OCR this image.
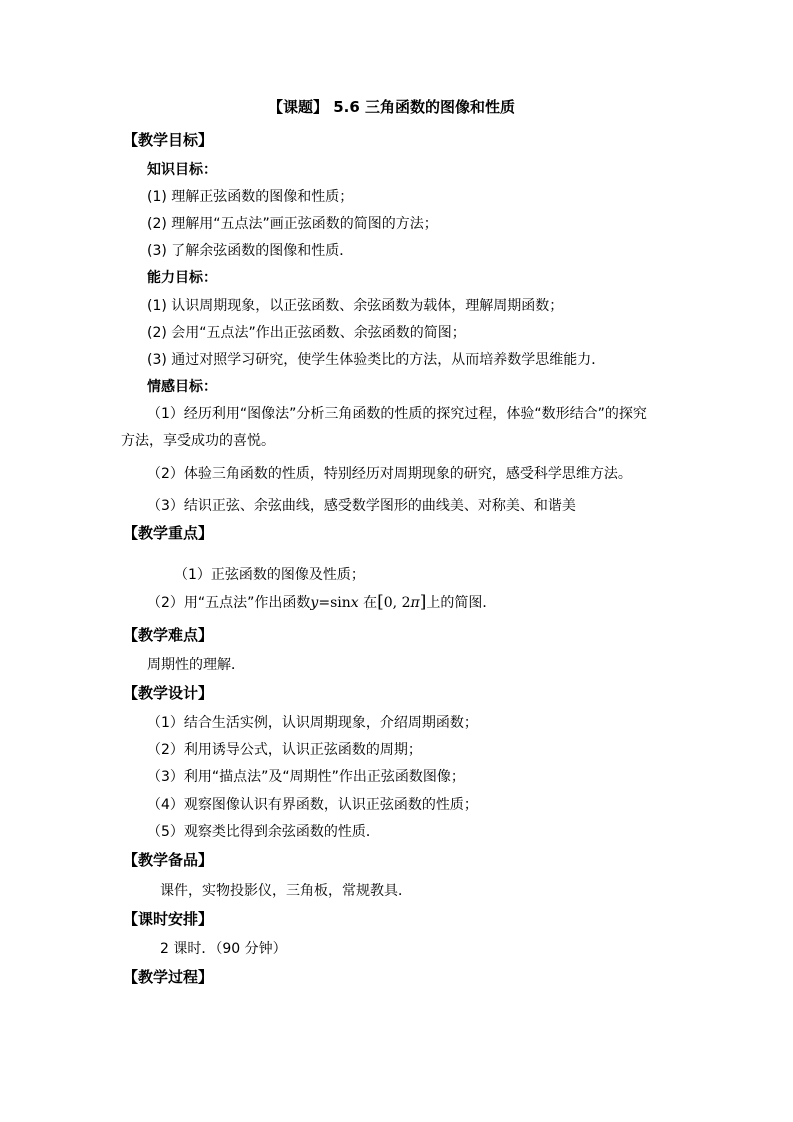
【课题】 5.6 三角函数的图像和性质
【教学目标】
知识目标：
(1) 理解正弦函数的图像和性质；
(2) 理解用“五点法”画正弦函数的简图的方法；
(3) 了解余弦函数的图像和性质．
能力目标：
(1) 认识周期现象，以正弦函数、余弦函数为载体，理解周期函数；
(2) 会用“五点法”作出正弦函数、余弦函数的简图；
(3) 通过对照学习研究，使学生体验类比的方法，从而培养数学思维能力．
情感目标：
（1）经历利用“图像法”分析三角函数的性质的探究过程，体验“数形结合”的探究
方法，享受成功的喜悦。
（2）体验三角函数的性质，特别经历对周期现象的研究，感受科学思维方法。
（3）结识正弦、余弦曲线，感受数学图形的曲线美、对称美、和谐美
【教学重点】
（1）正弦函数的图像及性质；
（2）用“五点法”作出函数y=sinx 在[0, 2π]上的简图．
【教学难点】
周期性的理解．
【教学设计】
（1）结合生活实例，认识周期现象，介绍周期函数；
（2）利用诱导公式，认识正弦函数的周期；
（3）利用“描点法”及“周期性”作出正弦函数图像；
（4）观察图像认识有界函数，认识正弦函数的性质；
（5）观察类比得到余弦函数的性质．
【教学备品】
课件，实物投影仪，三角板，常规教具．
【课时安排】
2 课时．（90 分钟）
【教学过程】
